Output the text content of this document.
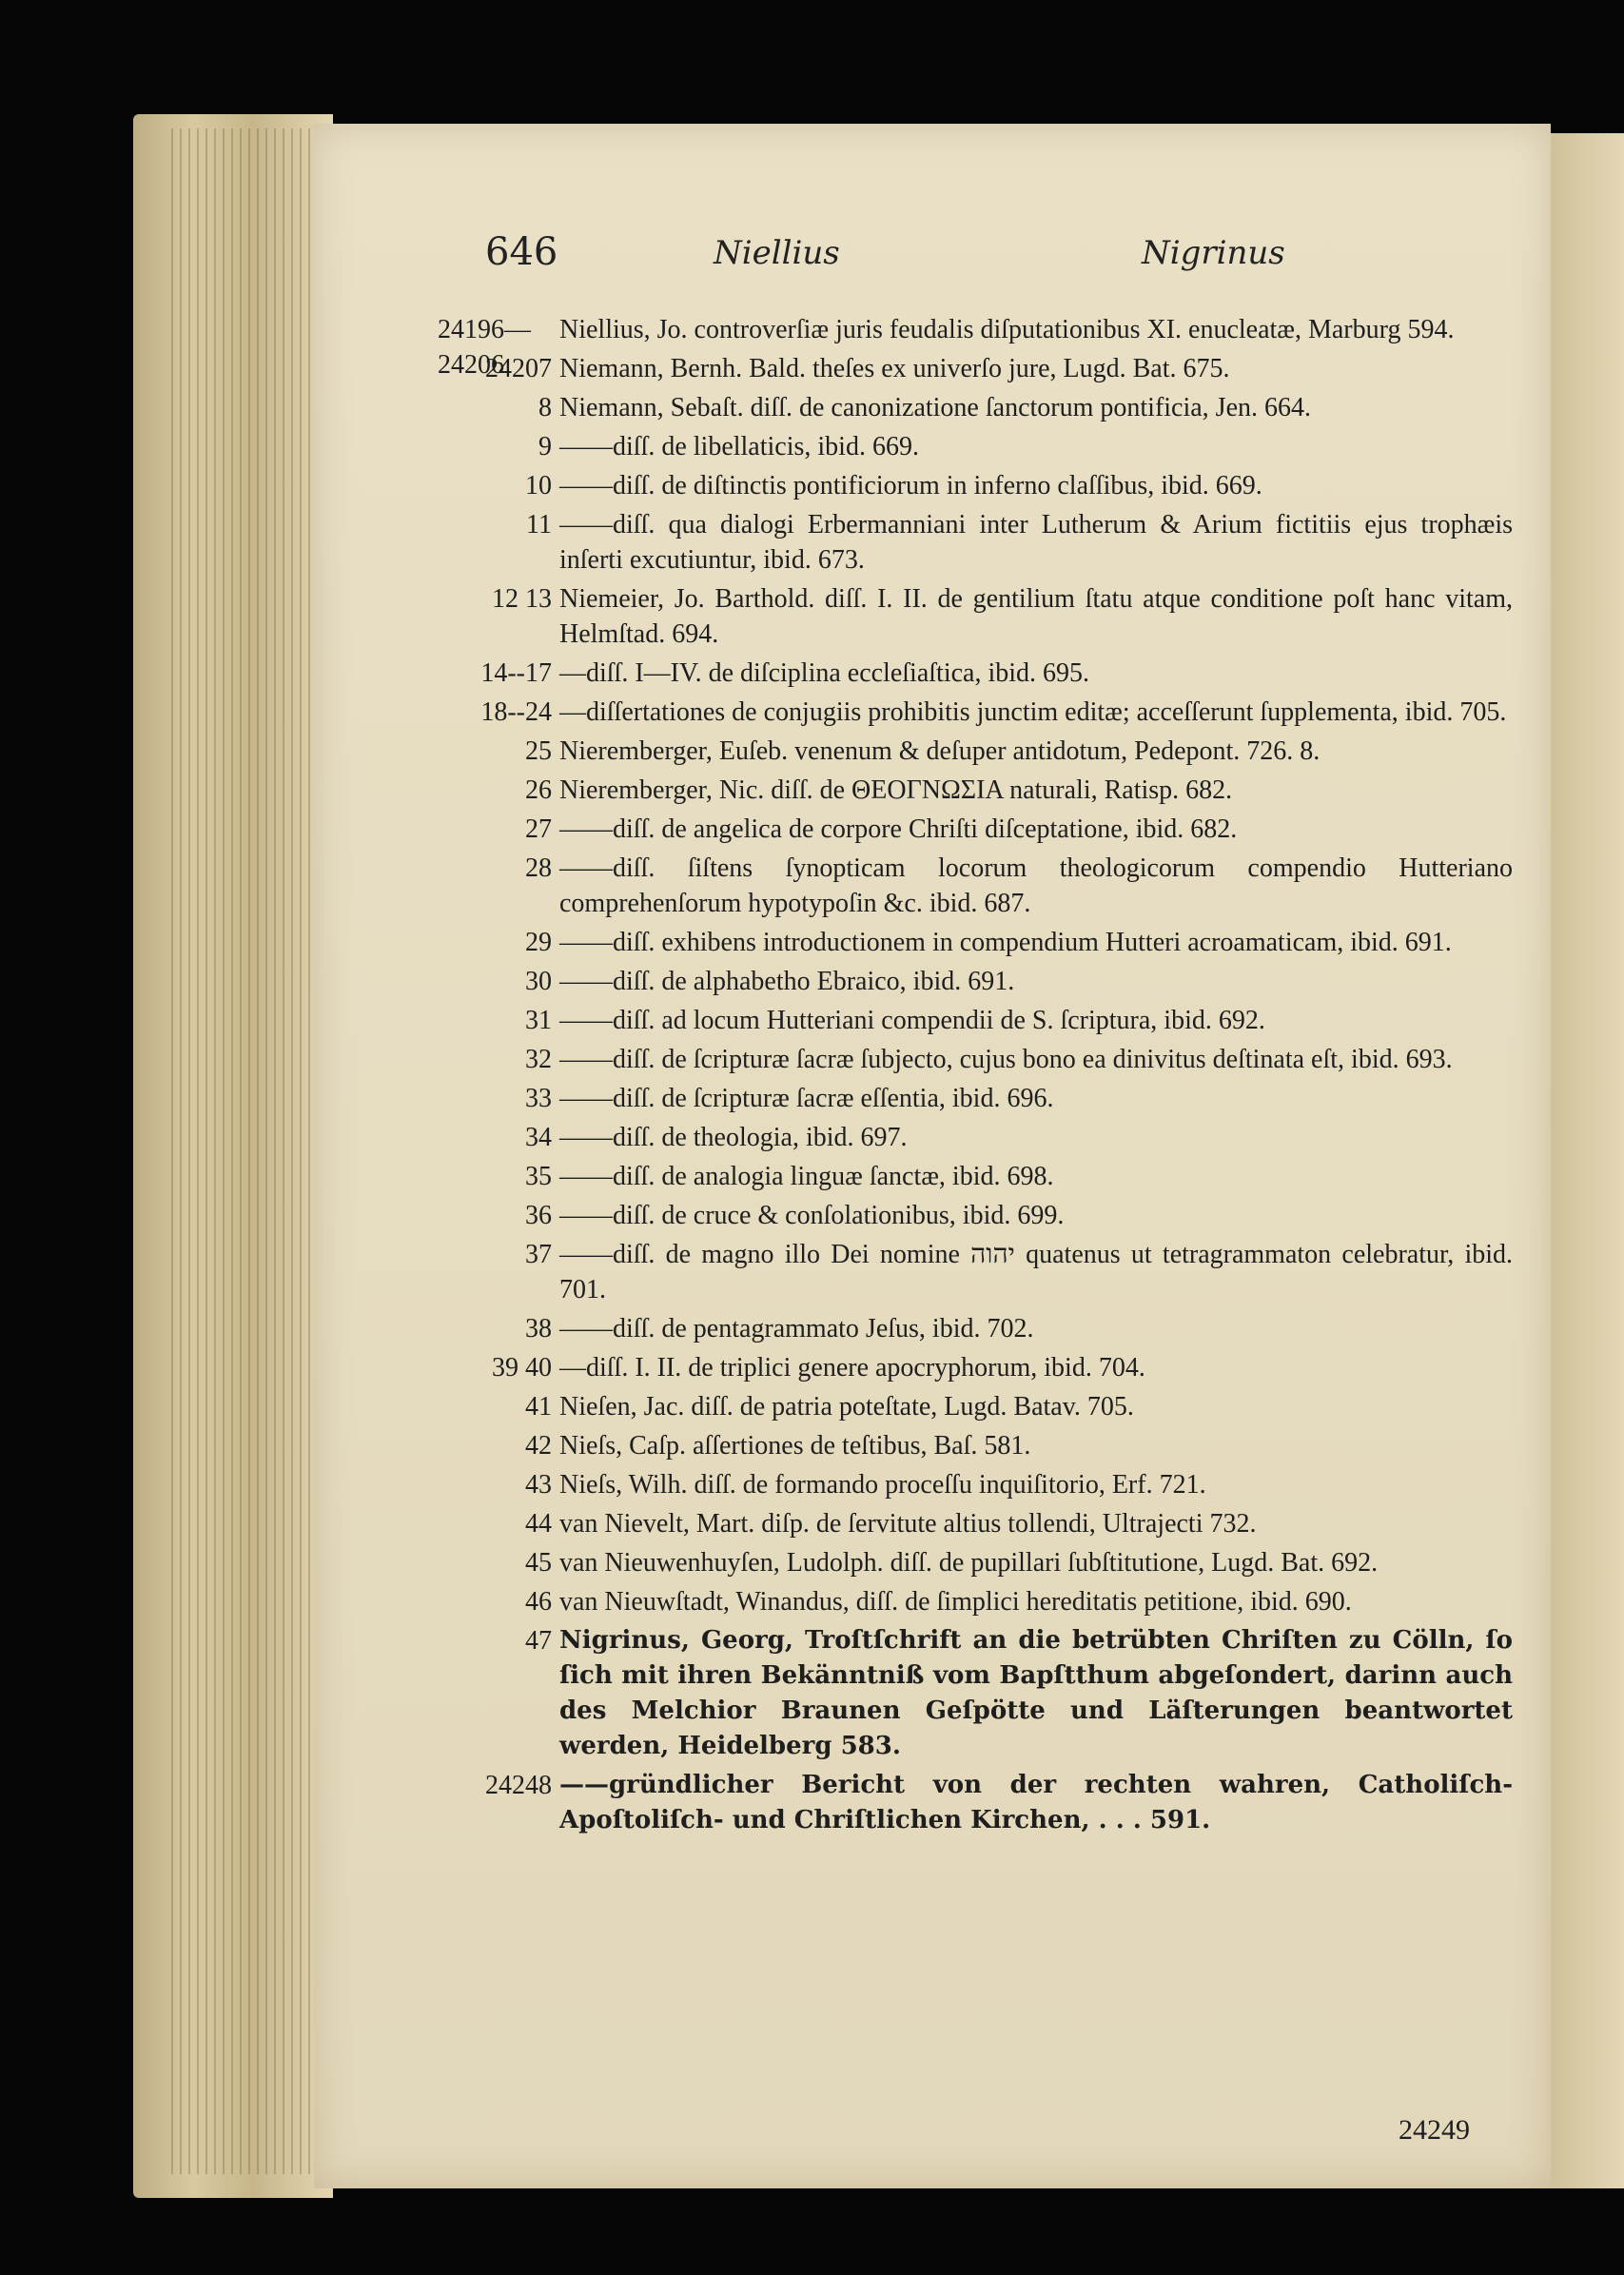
646	Niellius	Nigrinus
24196—24206
Niellius, Jo. controverſiæ juris feudalis diſputationibus XI. enucleatæ, Marburg 594.
24207 Niemann, Bernh. Bald. theſes ex univerſo jure, Lugd. Bat. 675.
8 Niemann, Sebaſt. diſſ. de canonizatione ſanctorum pontificia, Jen. 664.
9 ——diſſ. de libellaticis, ibid. 669.
10 ——diſſ. de diſtinctis pontificiorum in inferno claſſibus, ibid. 669.
11 ——diſſ. qua dialogi Erbermanniani inter Lutherum & Arium fictitiis ejus trophæis inſerti excutiuntur, ibid. 673.
12 13 Niemeier, Jo. Barthold. diſſ. I. II. de gentilium ſtatu atque conditione poſt hanc vitam, Helmſtad. 694.
14--17 —diſſ. I—IV. de diſciplina eccleſiaſtica, ibid. 695.
18--24 —diſſertationes de conjugiis prohibitis junctim editæ; acceſſerunt ſupplementa, ibid. 705.
25 Nieremberger, Euſeb. venenum & deſuper antidotum, Pedepont. 726. 8.
26 Nieremberger, Nic. diſſ. de ΘΕΟΓΝΩΣΙΑ naturali, Ratisp. 682.
27 ——diſſ. de angelica de corpore Chriſti diſceptatione, ibid. 682.
28 ——diſſ. ſiſtens ſynopticam locorum theologicorum compendio Hutteriano comprehenſorum hypotypoſin &c. ibid. 687.
29 ——diſſ. exhibens introductionem in compendium Hutteri acroamaticam, ibid. 691.
30 ——diſſ. de alphabetho Ebraico, ibid. 691.
31 ——diſſ. ad locum Hutteriani compendii de S. ſcriptura, ibid. 692.
32 ——diſſ. de ſcripturæ ſacræ ſubjecto, cujus bono ea dinivitus deſtinata eſt, ibid. 693.
33 ——diſſ. de ſcripturæ ſacræ eſſentia, ibid. 696.
34 ——diſſ. de theologia, ibid. 697.
35 ——diſſ. de analogia linguæ ſanctæ, ibid. 698.
36 ——diſſ. de cruce & conſolationibus, ibid. 699.
37 ——diſſ. de magno illo Dei nomine יהוה quatenus ut tetragrammaton celebratur, ibid. 701.
38 ——diſſ. de pentagrammato Jeſus, ibid. 702.
39 40 —diſſ. I. II. de triplici genere apocryphorum, ibid. 704.
41 Nieſen, Jac. diſſ. de patria poteſtate, Lugd. Batav. 705.
42 Nieſs, Caſp. aſſertiones de teſtibus, Baſ. 581.
43 Nieſs, Wilh. diſſ. de formando proceſſu inquiſitorio, Erf. 721.
44 van Nievelt, Mart. diſp. de ſervitute altius tollendi, Ultrajecti 732.
45 van Nieuwenhuyſen, Ludolph. diſſ. de pupillari ſubſtitutione, Lugd. Bat. 692.
46 van Nieuwſtadt, Winandus, diſſ. de ſimplici hereditatis petitione, ibid. 690.
47 Nigrinus, Georg, Troſtſchrift an die betrübten Chriſten zu Cölln, ſo ſich mit ihren Bekänntniß vom Bapſtthum abgeſondert, darinn auch des Melchior Braunen Geſpötte und Läſterungen beantwortet werden, Heidelberg 583.
24248 ——gründlicher Bericht von der rechten wahren, Catholiſch-Apoſtoliſch- und Chriſtlichen Kirchen, . . . 591.
24249
